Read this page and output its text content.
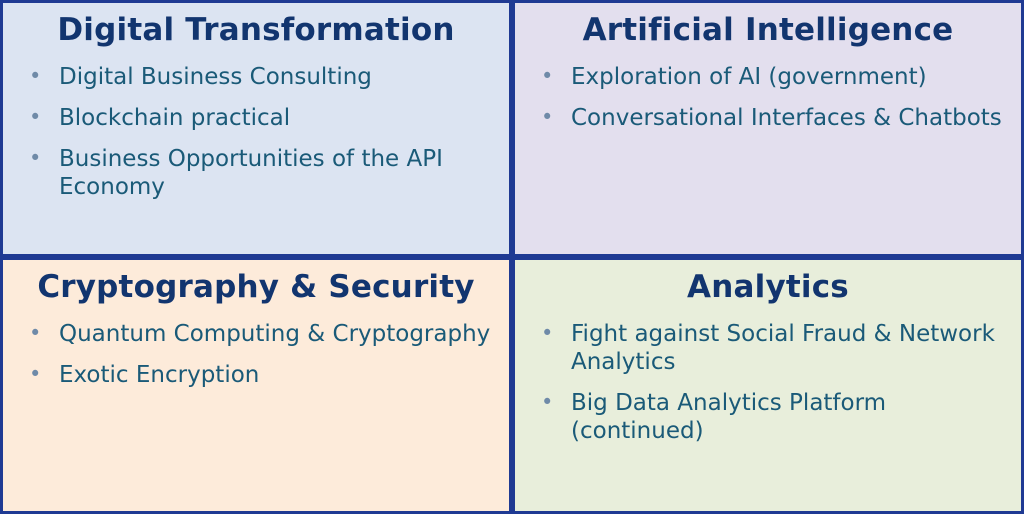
Digital Transformation
• Digital Business Consulting
• Blockchain practical
• Business Opportunities of the API Economy
Artificial Intelligence
• Exploration of AI (government)
• Conversational Interfaces & Chatbots
Cryptography & Security
• Quantum Computing & Cryptography
• Exotic Encryption
Analytics
• Fight against Social Fraud & Network Analytics
• Big Data Analytics Platform (continued)
